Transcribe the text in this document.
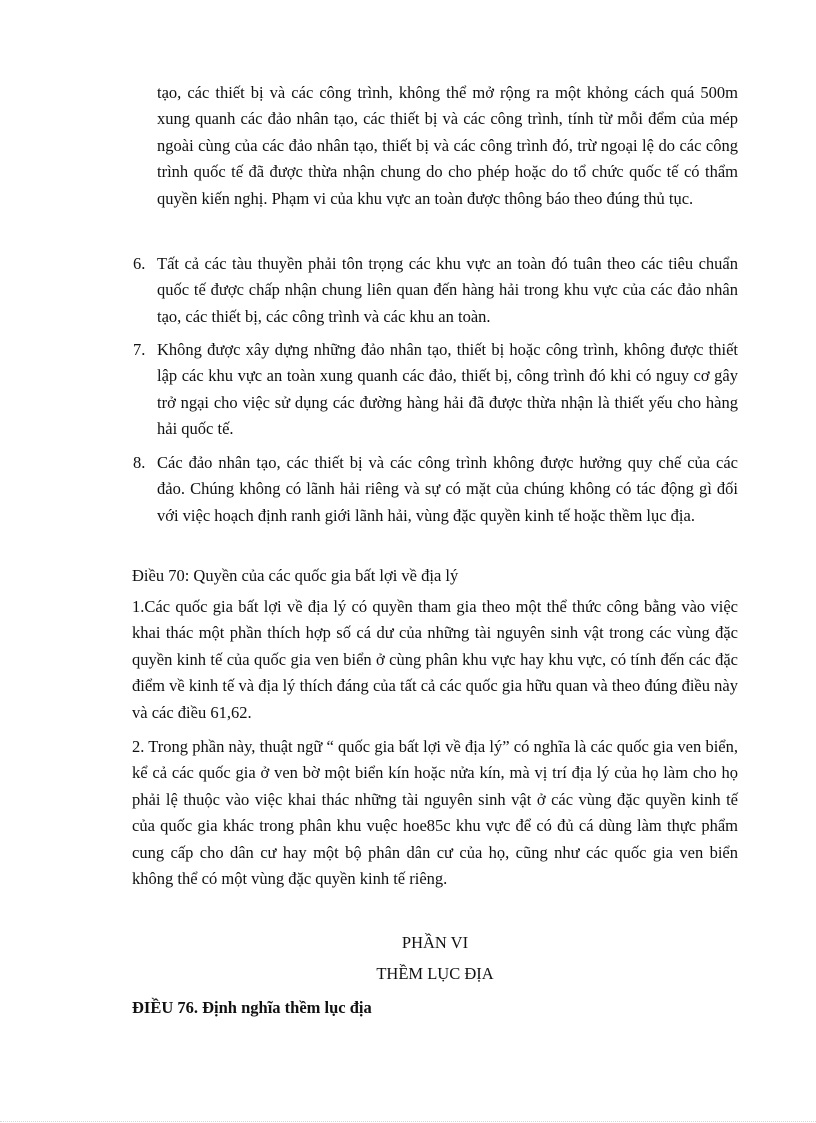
tạo, các thiết bị và các công trình, không thể mở rộng ra một khỏng cách quá 500m xung quanh các đảo nhân tạo, các thiết bị và các công trình, tính từ mỗi đểm của mép ngoài cùng của các đảo nhân tạo, thiết bị và các công trình đó, trừ ngoại lệ do các công trình quốc tế đã được thừa nhận chung do cho phép hoặc do tổ chức quốc tế có thẩm quyền kiến nghị. Phạm vi của khu vực an toàn được thông báo theo đúng thủ tục.
6. Tất cả các tàu thuyền phải tôn trọng các khu vực an toàn đó tuân theo các tiêu chuẩn quốc tế được chấp nhận chung liên quan đến hàng hải trong khu vực của các đảo nhân tạo, các thiết bị, các công trình và các khu an toàn.
7. Không được xây dựng những đảo nhân tạo, thiết bị hoặc công trình, không được thiết lập các khu vực an toàn xung quanh các đảo, thiết bị, công trình đó khi có nguy cơ gây trở ngại cho việc sử dụng các đường hàng hải đã được thừa nhận là thiết yếu cho hàng hải quốc tế.
8. Các đảo nhân tạo, các thiết bị và các công trình không được hưởng quy chế của các đảo. Chúng không có lãnh hải riêng và sự có mặt của chúng không có tác động gì đối với việc hoạch định ranh giới lãnh hải, vùng đặc quyền kinh tế hoặc thềm lục địa.
Điều 70: Quyền của các quốc gia bất lợi về địa lý
1.Các quốc gia bất lợi về địa lý có quyền tham gia theo một thể thức công bằng vào việc khai thác một phần thích hợp số cá dư của những tài nguyên sinh vật trong các vùng đặc quyền kinh tế của quốc gia ven biển ở cùng phân khu vực hay khu vực, có tính đến các đặc điểm về kinh tế và địa lý thích đáng của tất cả các quốc gia hữu quan và theo đúng điều này và các điều 61,62.
2. Trong phần này, thuật ngữ “ quốc gia bất lợi về địa lý” có nghĩa là các quốc gia ven biển, kể cả các quốc gia ở ven bờ một biển kín hoặc nửa kín, mà vị trí địa lý của họ làm cho họ phải lệ thuộc vào việc khai thác những tài nguyên sinh vật ở các vùng đặc quyền kinh tế của quốc gia khác trong phân khu vuệc hoe85c khu vực để có đủ cá dùng làm thực phẩm cung cấp cho dân cư hay một bộ phân dân cư của họ, cũng như các quốc gia ven biển không thể có một vùng đặc quyền kinh tế riêng.
PHẦN VI
THỀM LỤC ĐỊA
ĐIỀU 76. Định nghĩa thềm lục địa
